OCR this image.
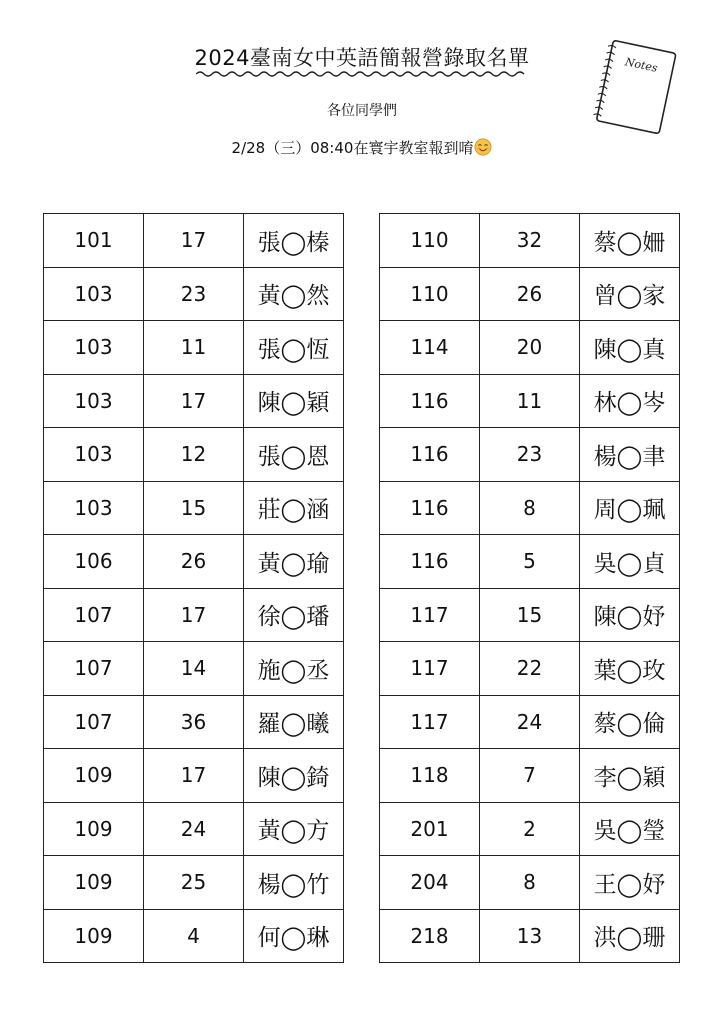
2024臺南女中英語簡報營錄取名單
各位同學們
2/28（三）08:40在寰宇教室報到唷
Notes
101	17	張◯榛
103	23	黃◯然
103	11	張◯恆
103	17	陳◯穎
103	12	張◯恩
103	15	莊◯涵
106	26	黃◯瑜
107	17	徐◯璠
107	14	施◯丞
107	36	羅◯曦
109	17	陳◯錡
109	24	黃◯方
109	25	楊◯竹
109	4	何◯琳
110	32	蔡◯姍
110	26	曾◯家
114	20	陳◯真
116	11	林◯岑
116	23	楊◯聿
116	8	周◯珮
116	5	吳◯貞
117	15	陳◯妤
117	22	葉◯玫
117	24	蔡◯倫
118	7	李◯穎
201	2	吳◯瑩
204	8	王◯妤
218	13	洪◯珊
